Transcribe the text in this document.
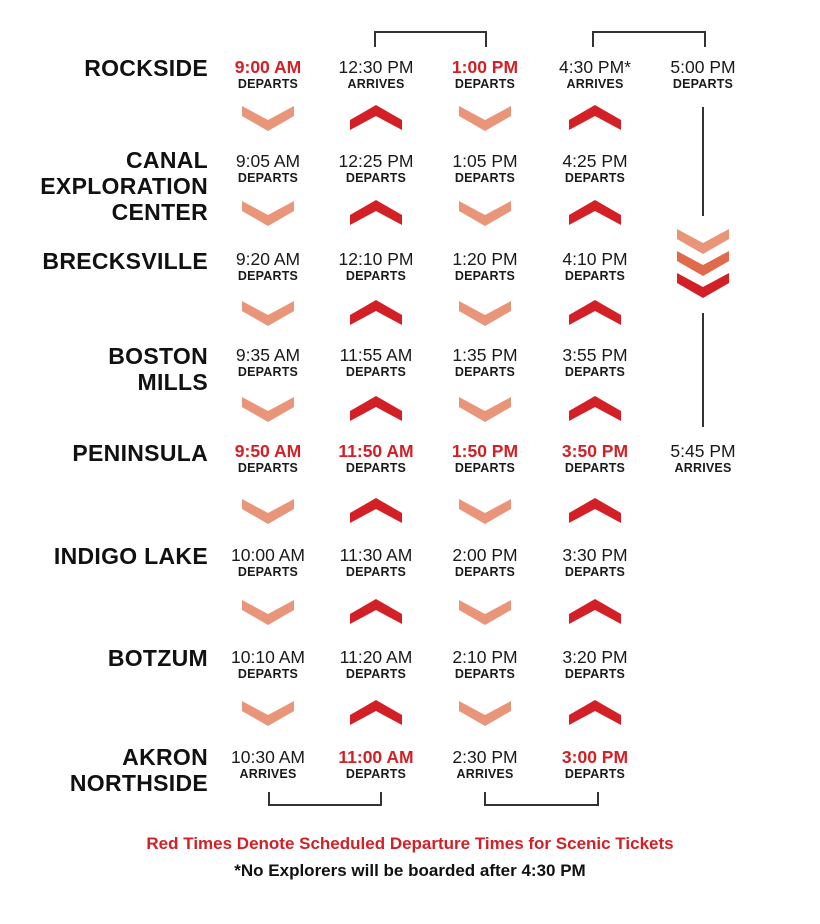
ROCKSIDE
CANAL
EXPLORATION
CENTER
BRECKSVILLE
BOSTON
MILLS
PENINSULA
INDIGO LAKE
BOTZUM
AKRON
NORTHSIDE
9:00 AM
DEPARTS
9:05 AM
DEPARTS
9:20 AM
DEPARTS
9:35 AM
DEPARTS
9:50 AM
DEPARTS
10:00 AM
DEPARTS
10:10 AM
DEPARTS
10:30 AM
ARRIVES
12:30 PM
ARRIVES
12:25 PM
DEPARTS
12:10 PM
DEPARTS
11:55 AM
DEPARTS
11:50 AM
DEPARTS
11:30 AM
DEPARTS
11:20 AM
DEPARTS
11:00 AM
DEPARTS
1:00 PM
DEPARTS
1:05 PM
DEPARTS
1:20 PM
DEPARTS
1:35 PM
DEPARTS
1:50 PM
DEPARTS
2:00 PM
DEPARTS
2:10 PM
DEPARTS
2:30 PM
ARRIVES
4:30 PM*
ARRIVES
4:25 PM
DEPARTS
4:10 PM
DEPARTS
3:55 PM
DEPARTS
3:50 PM
DEPARTS
3:30 PM
DEPARTS
3:20 PM
DEPARTS
3:00 PM
DEPARTS
5:00 PM
DEPARTS
5:45 PM
ARRIVES
Red Times Denote Scheduled Departure Times for Scenic Tickets
*No Explorers will be boarded after 4:30 PM
